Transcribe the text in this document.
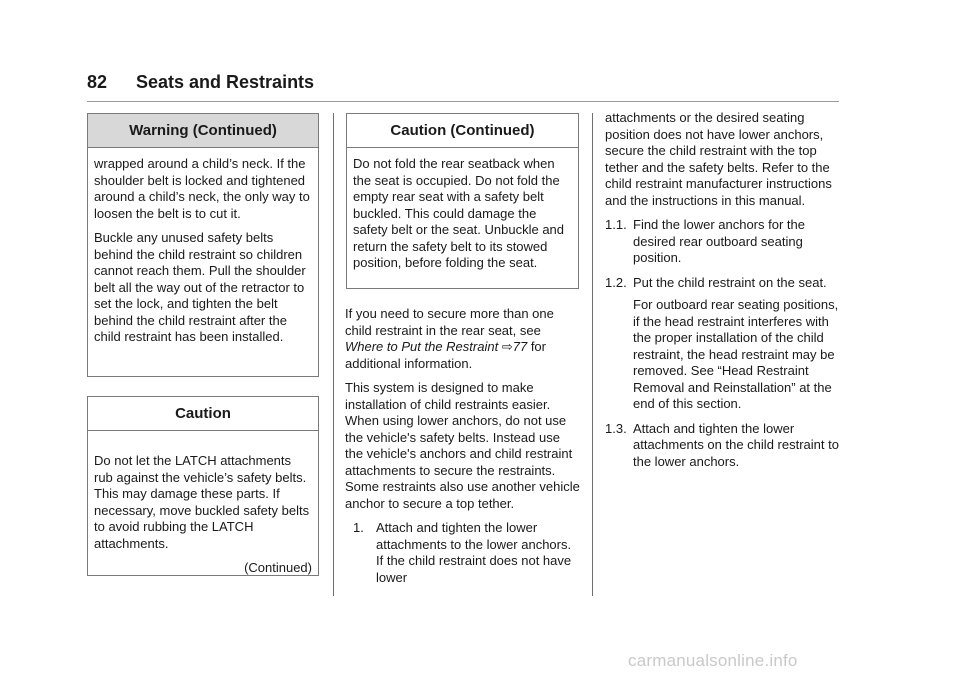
82 Seats and Restraints
Warning (Continued)

wrapped around a child’s neck. If the shoulder belt is locked and tightened around a child’s neck, the only way to loosen the belt is to cut it.

Buckle any unused safety belts behind the child restraint so children cannot reach them. Pull the shoulder belt all the way out of the retractor to set the lock, and tighten the belt behind the child restraint after the child restraint has been installed.

Caution

Do not let the LATCH attachments rub against the vehicle’s safety belts. This may damage these parts. If necessary, move buckled safety belts to avoid rubbing the LATCH attachments.

(Continued)

Caution (Continued)

Do not fold the rear seatback when the seat is occupied. Do not fold the empty rear seat with a safety belt buckled. This could damage the safety belt or the seat. Unbuckle and return the safety belt to its stowed position, before folding the seat.

If you need to secure more than one child restraint in the rear seat, see Where to Put the Restraint ⇨77 for additional information.

This system is designed to make installation of child restraints easier. When using lower anchors, do not use the vehicle's safety belts. Instead use the vehicle's anchors and child restraint attachments to secure the restraints. Some restraints also use another vehicle anchor to secure a top tether.

1. Attach and tighten the lower attachments to the lower anchors. If the child restraint does not have lower

attachments or the desired seating position does not have lower anchors, secure the child restraint with the top tether and the safety belts. Refer to the child restraint manufacturer instructions and the instructions in this manual.

1.1. Find the lower anchors for the desired rear outboard seating position.
1.2. Put the child restraint on the seat.

For outboard rear seating positions, if the head restraint interferes with the proper installation of the child restraint, the head restraint may be removed. See “Head Restraint Removal and Reinstallation” at the end of this section.

1.3. Attach and tighten the lower attachments on the child restraint to the lower anchors.
carmanualsonline.info
